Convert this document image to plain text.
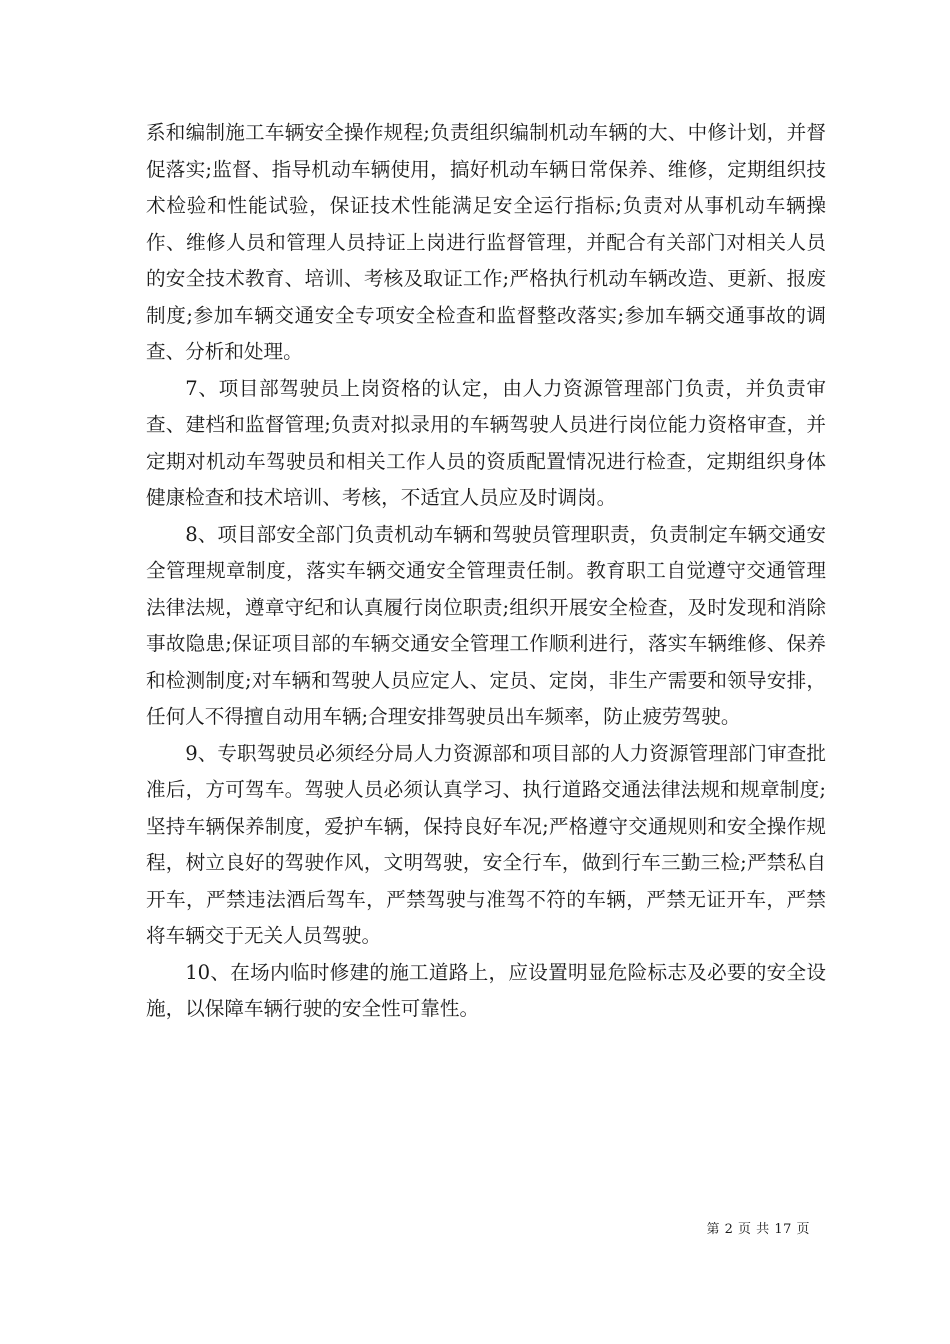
系和编制施工车辆安全操作规程;负责组织编制机动车辆的大、中修计划，并督促落实;监督、指导机动车辆使用，搞好机动车辆日常保养、维修，定期组织技术检验和性能试验，保证技术性能满足安全运行指标;负责对从事机动车辆操作、维修人员和管理人员持证上岗进行监督管理，并配合有关部门对相关人员的安全技术教育、培训、考核及取证工作;严格执行机动车辆改造、更新、报废制度;参加车辆交通安全专项安全检查和监督整改落实;参加车辆交通事故的调查、分析和处理。

7、项目部驾驶员上岗资格的认定，由人力资源管理部门负责，并负责审查、建档和监督管理;负责对拟录用的车辆驾驶人员进行岗位能力资格审查，并定期对机动车驾驶员和相关工作人员的资质配置情况进行检查，定期组织身体健康检查和技术培训、考核，不适宜人员应及时调岗。

8、项目部安全部门负责机动车辆和驾驶员管理职责，负责制定车辆交通安全管理规章制度，落实车辆交通安全管理责任制。教育职工自觉遵守交通管理法律法规，遵章守纪和认真履行岗位职责;组织开展安全检查，及时发现和消除事故隐患;保证项目部的车辆交通安全管理工作顺利进行，落实车辆维修、保养和检测制度;对车辆和驾驶人员应定人、定员、定岗，非生产需要和领导安排，任何人不得擅自动用车辆;合理安排驾驶员出车频率，防止疲劳驾驶。

9、专职驾驶员必须经分局人力资源部和项目部的人力资源管理部门审查批准后，方可驾车。驾驶人员必须认真学习、执行道路交通法律法规和规章制度;坚持车辆保养制度，爱护车辆，保持良好车况;严格遵守交通规则和安全操作规程，树立良好的驾驶作风，文明驾驶，安全行车，做到行车三勤三检;严禁私自开车，严禁违法酒后驾车，严禁驾驶与准驾不符的车辆，严禁无证开车，严禁将车辆交于无关人员驾驶。

10、在场内临时修建的施工道路上，应设置明显危险标志及必要的安全设施，以保障车辆行驶的安全性可靠性。

第 2 页 共 17 页
